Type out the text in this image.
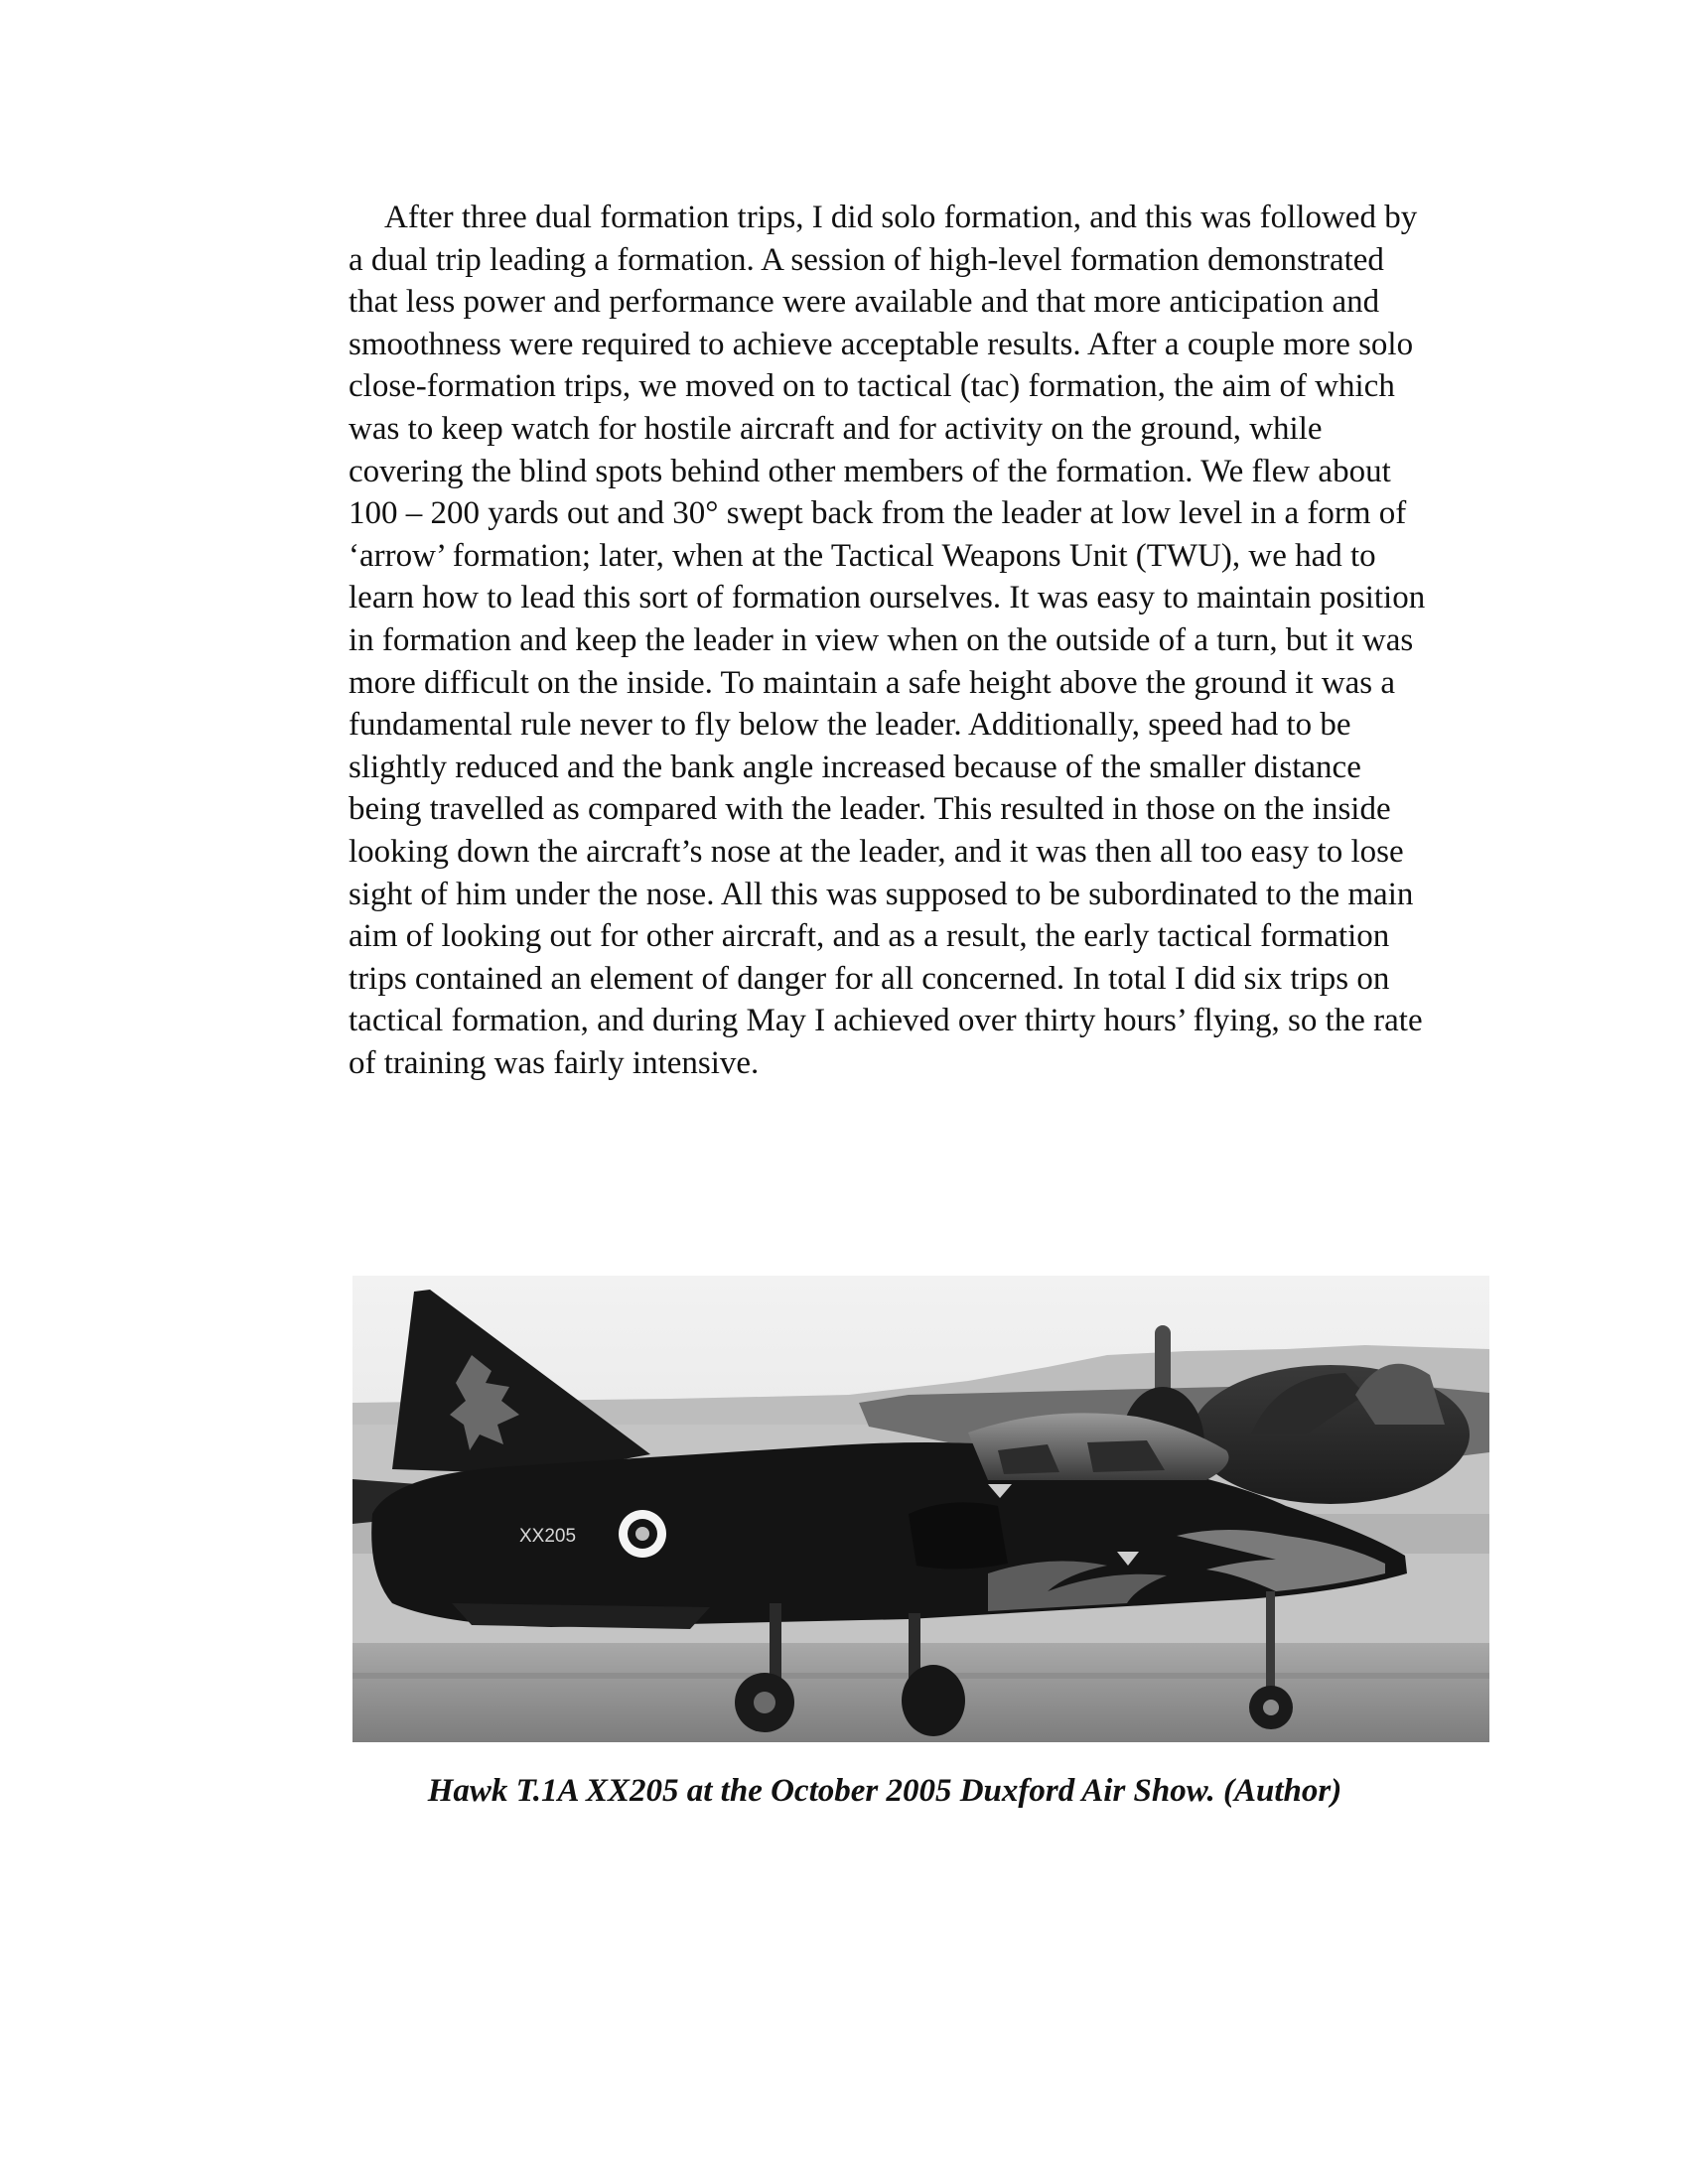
After three dual formation trips, I did solo formation, and this was followed by a dual trip leading a formation. A session of high-level formation demonstrated that less power and performance were available and that more anticipation and smoothness were required to achieve acceptable results. After a couple more solo close-formation trips, we moved on to tactical (tac) formation, the aim of which was to keep watch for hostile aircraft and for activity on the ground, while covering the blind spots behind other members of the formation. We flew about 100 – 200 yards out and 30° swept back from the leader at low level in a form of ‘arrow’ formation; later, when at the Tactical Weapons Unit (TWU), we had to learn how to lead this sort of formation ourselves. It was easy to maintain position in formation and keep the leader in view when on the outside of a turn, but it was more difficult on the inside. To maintain a safe height above the ground it was a fundamental rule never to fly below the leader. Additionally, speed had to be slightly reduced and the bank angle increased because of the smaller distance being travelled as compared with the leader. This resulted in those on the inside looking down the aircraft’s nose at the leader, and it was then all too easy to lose sight of him under the nose. All this was supposed to be subordinated to the main aim of looking out for other aircraft, and as a result, the early tactical formation trips contained an element of danger for all concerned. In total I did six trips on tactical formation, and during May I achieved over thirty hours’ flying, so the rate of training was fairly intensive.

XX205

Hawk T.1A XX205 at the October 2005 Duxford Air Show. (Author)
